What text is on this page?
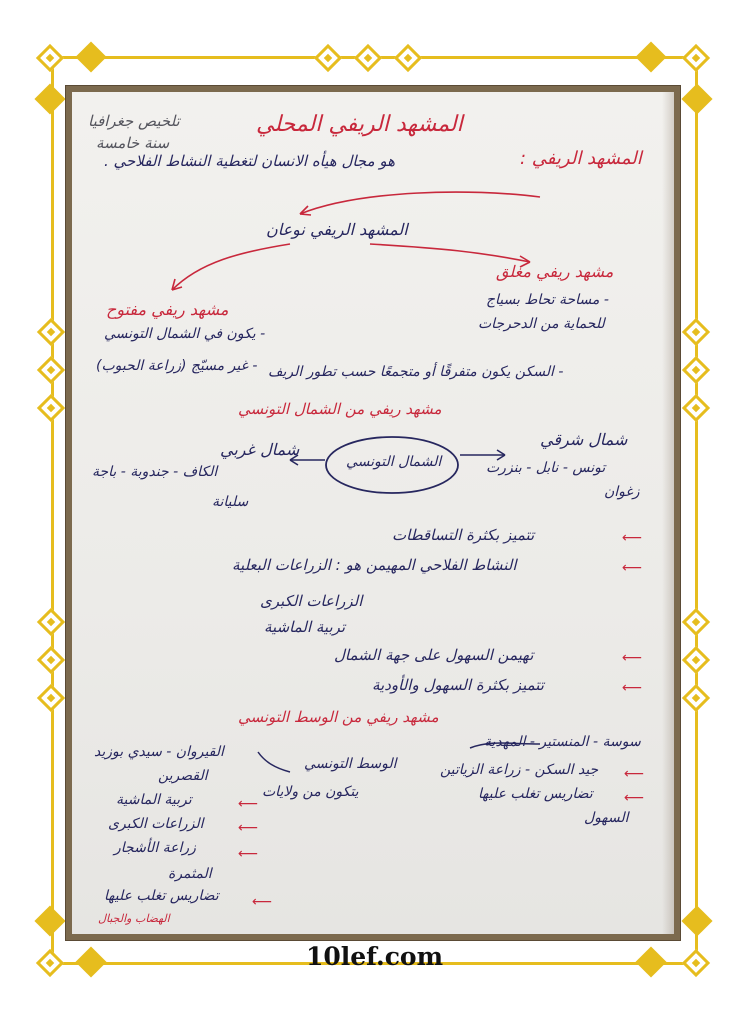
تلخيص جغرافيا
سنة خامسة
المشهد الريفي المحلي
المشهد الريفي :
هو مجال هيأه الانسان لتغطية النشاط الفلاحي .
المشهد الريفي نوعان
مشهد ريفي مغلق
- مساحة تحاط بسياج
للحماية من الدحرجات
- السكن يكون متفرقًا أو متجمعًا حسب تطور الريف
مشهد ريفي مفتوح
- يكون في الشمال التونسي
- غير مسيّج (زراعة الحبوب)
مشهد ريفي من الشمال التونسي
الشمال التونسي
شمال شرقي
تونس - نابل - بنزرت
زغوان
شمال غربي
الكاف - جندوبة - باجة
سليانة
⟵
تتميز بكثرة التساقطات
⟵
النشاط الفلاحي المهيمن هو : الزراعات البعلية
الزراعات الكبرى
تربية الماشية
⟵
تهيمن السهول على جهة الشمال
⟵
تتميز بكثرة السهول والأودية
مشهد ريفي من الوسط التونسي
الوسط التونسي
يتكون من ولايات
سوسة - المنستير - المهدية
⟵
جيد السكن - زراعة الزياتين
⟵
تضاريس تغلب عليها
السهول
القيروان - سيدي بوزيد
القصرين
⟵
تربية الماشية
⟵
الزراعات الكبرى
⟵
زراعة الأشجار
المثمرة
⟵
تضاريس تغلب عليها
الهضاب والجبال
10lef.com
